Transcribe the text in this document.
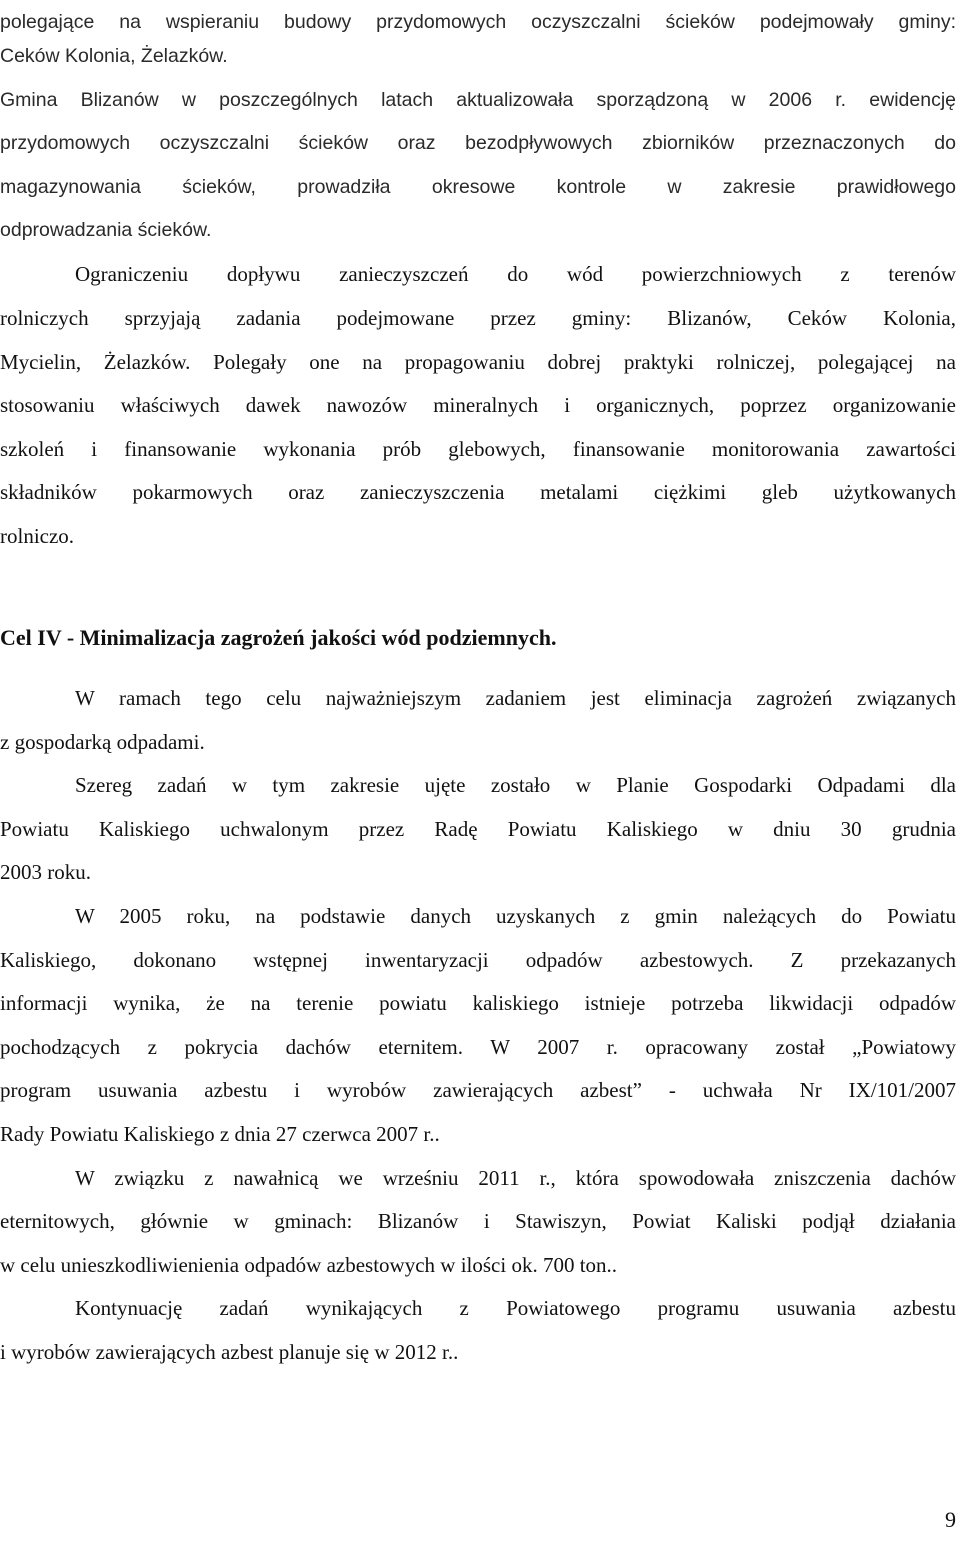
polegające na wspieraniu budowy przydomowych oczyszczalni ścieków podejmowały gminy:
Ceków Kolonia, Żelazków.
Gmina Blizanów w poszczególnych latach aktualizowała sporządzoną w 2006 r. ewidencję
przydomowych oczyszczalni ścieków oraz bezodpływowych zbiorników przeznaczonych do
magazynowania ścieków, prowadziła okresowe kontrole w zakresie prawidłowego
odprowadzania ścieków.
Ograniczeniu dopływu zanieczyszczeń do wód powierzchniowych z terenów
rolniczych sprzyjają zadania podejmowane przez gminy: Blizanów, Ceków Kolonia,
Mycielin, Żelazków. Polegały one na propagowaniu dobrej praktyki rolniczej, polegającej na
stosowaniu właściwych dawek nawozów mineralnych i organicznych, poprzez organizowanie
szkoleń i finansowanie wykonania prób glebowych, finansowanie monitorowania zawartości
składników pokarmowych oraz zanieczyszczenia metalami ciężkimi gleb użytkowanych
rolniczo.
Cel IV - Minimalizacja zagrożeń jakości wód podziemnych.
W ramach tego celu najważniejszym zadaniem jest eliminacja zagrożeń związanych
z gospodarką odpadami.
Szereg zadań w tym zakresie ujęte zostało w Planie Gospodarki Odpadami dla
Powiatu Kaliskiego uchwalonym przez Radę Powiatu Kaliskiego w dniu 30 grudnia
2003 roku.
W 2005 roku, na podstawie danych uzyskanych z gmin należących do Powiatu
Kaliskiego, dokonano wstępnej inwentaryzacji odpadów azbestowych. Z przekazanych
informacji wynika, że na terenie powiatu kaliskiego istnieje potrzeba likwidacji odpadów
pochodzących z pokrycia dachów eternitem. W 2007 r. opracowany został „Powiatowy
program usuwania azbestu i wyrobów zawierających azbest” - uchwała Nr IX/101/2007
Rady Powiatu Kaliskiego z dnia 27 czerwca 2007 r..
W związku z nawałnicą we wrześniu 2011 r., która spowodowała zniszczenia dachów
eternitowych, głównie w gminach: Blizanów i Stawiszyn, Powiat Kaliski podjął działania
w celu unieszkodliwienienia odpadów azbestowych w ilości ok. 700 ton..
Kontynuację zadań wynikających z Powiatowego programu usuwania azbestu
i wyrobów zawierających azbest planuje się w 2012 r..
9
